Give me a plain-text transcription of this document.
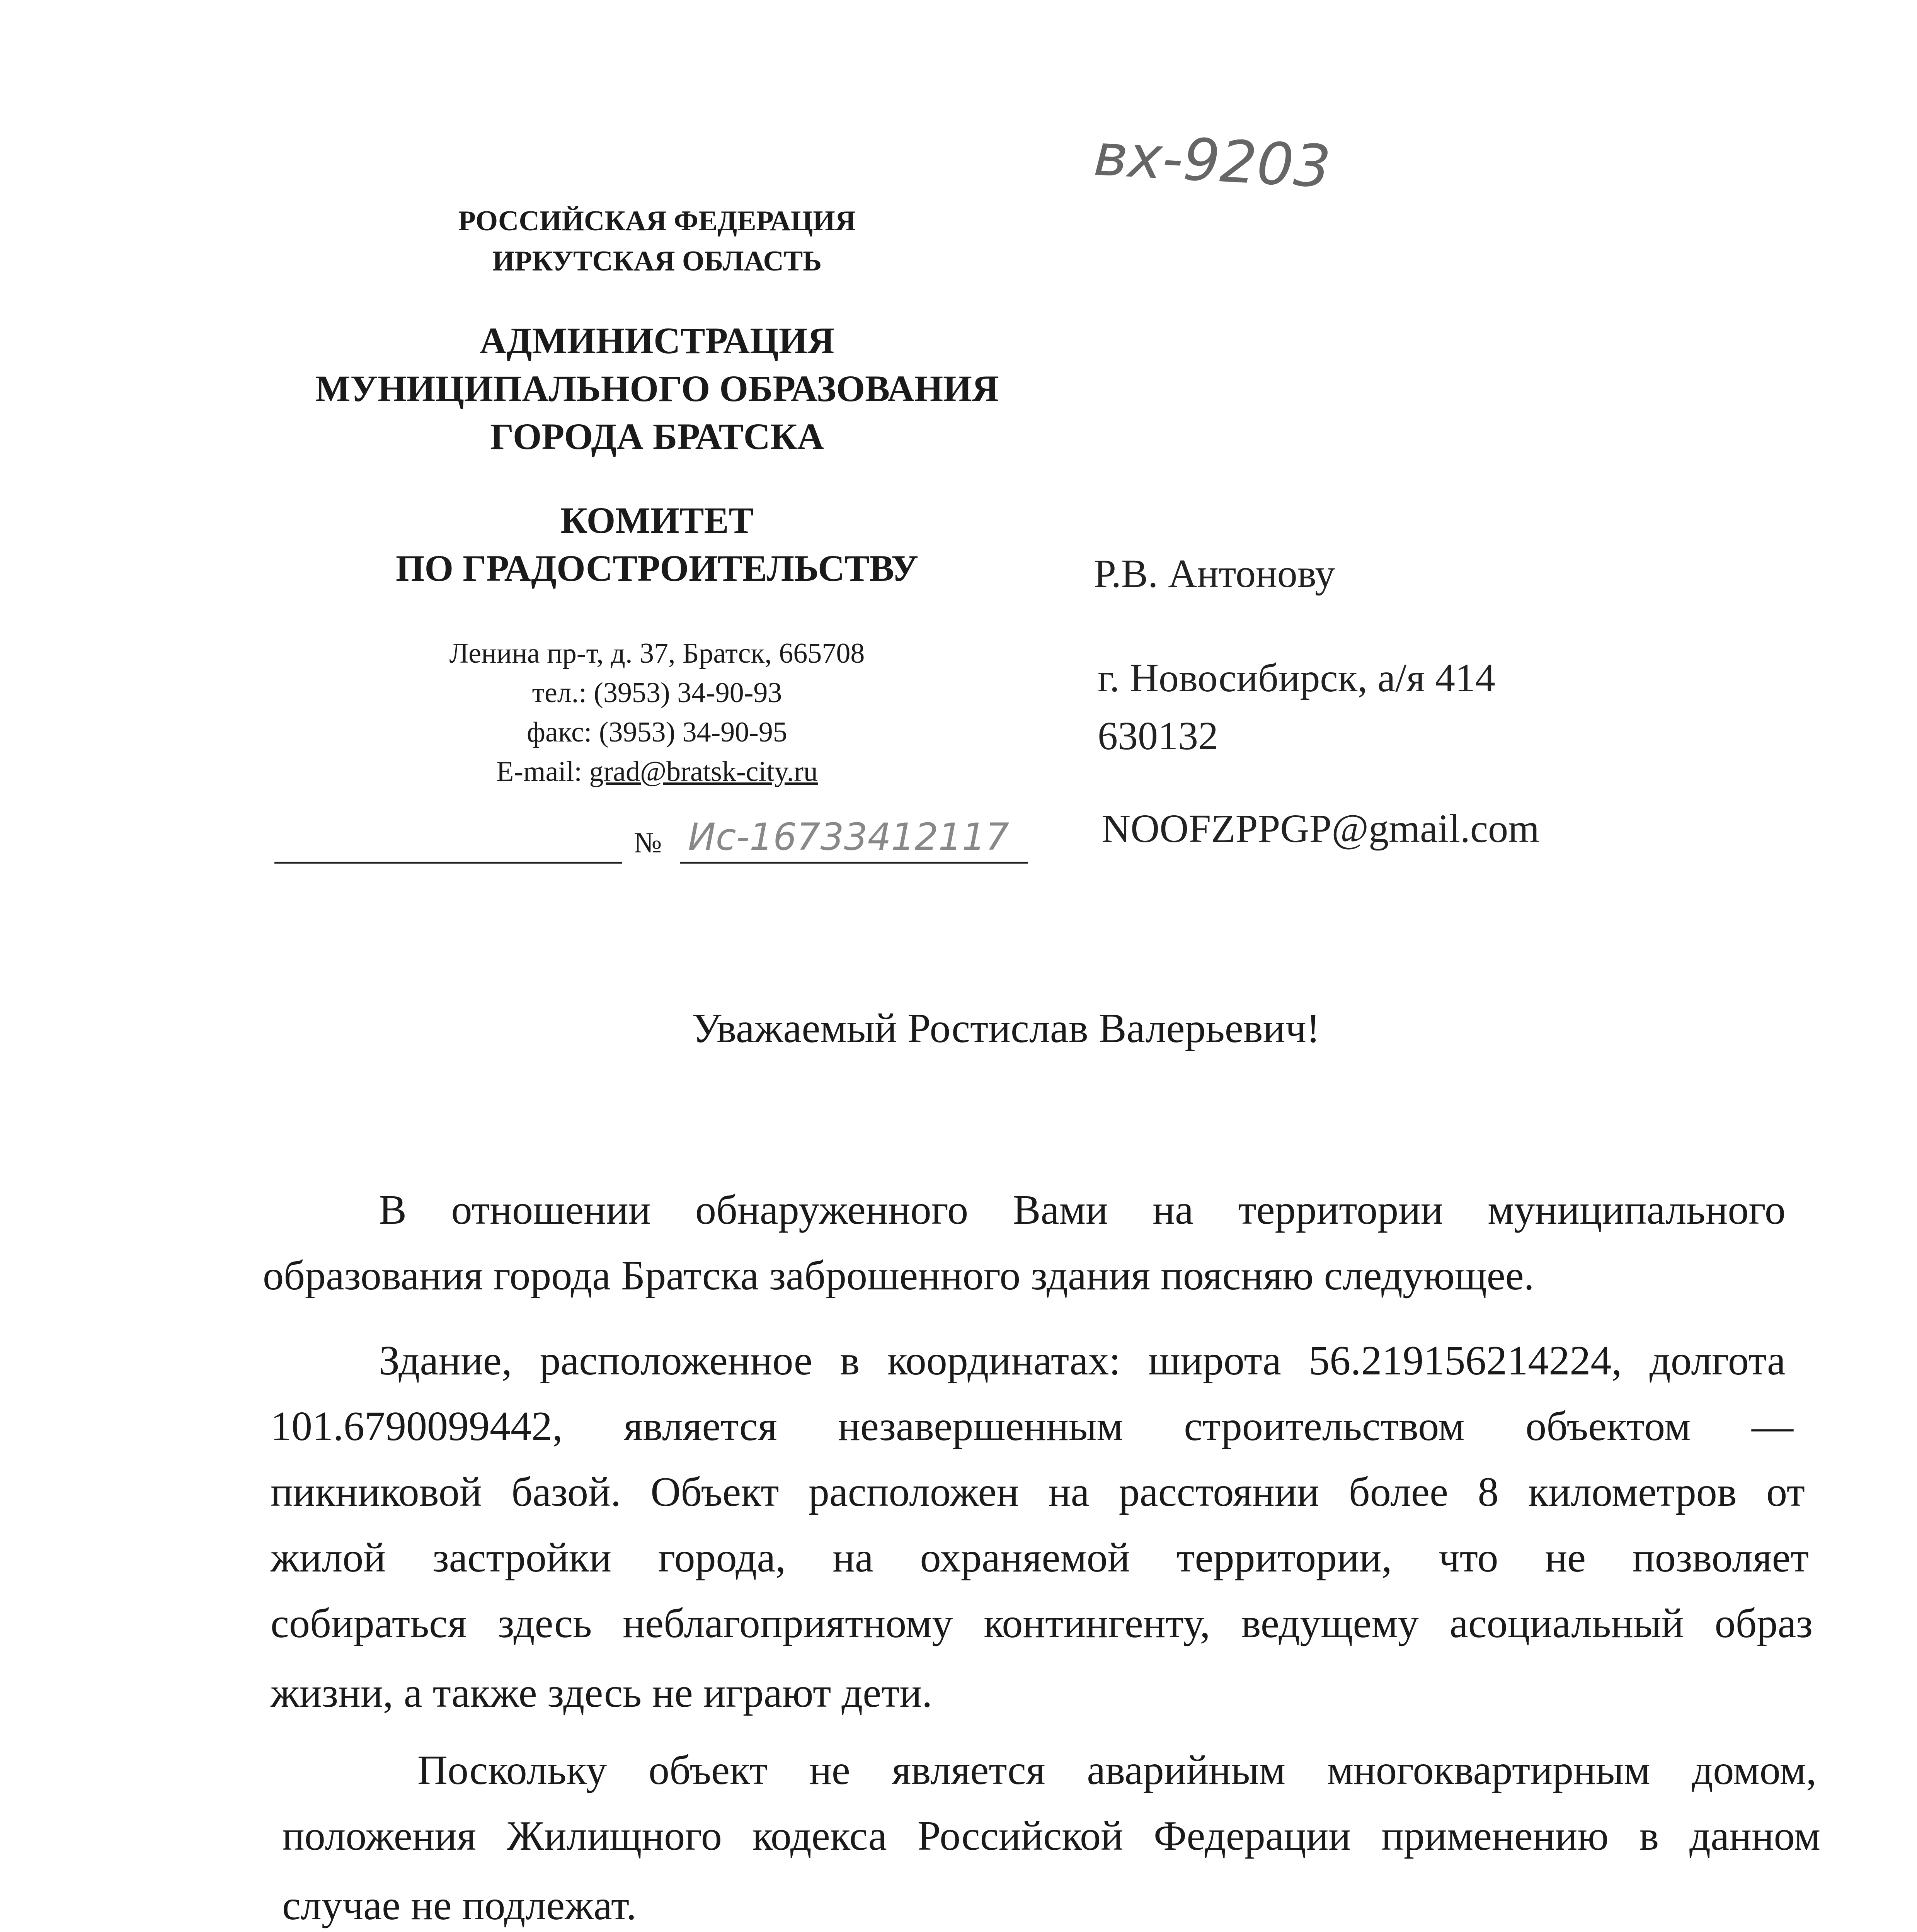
вх-9203
РОССИЙСКАЯ ФЕДЕРАЦИЯ
ИРКУТСКАЯ ОБЛАСТЬ
АДМИНИСТРАЦИЯ
МУНИЦИПАЛЬНОГО ОБРАЗОВАНИЯ
ГОРОДА БРАТСКА
КОМИТЕТ
ПО ГРАДОСТРОИТЕЛЬСТВУ
Ленина пр-т, д. 37, Братск, 665708
тел.: (3953) 34-90-93
факс: (3953) 34-90-95
E-mail: grad@bratsk-city.ru
№ Ис-16733412117
Р.В. Антонову
г. Новосибирск, а/я 414
630132
NOOFZPPGP@gmail.com
Уважаемый Ростислав Валерьевич!
В отношении обнаруженного Вами на территории муниципального
образования города Братска заброшенного здания поясняю следующее.
Здание, расположенное в координатах: широта 56.219156214224, долгота
101.6790099442, является незавершенным строительством объектом —
пикниковой базой. Объект расположен на расстоянии более 8 километров от
жилой застройки города, на охраняемой территории, что не позволяет
собираться здесь неблагоприятному контингенту, ведущему асоциальный образ
жизни, а также здесь не играют дети.
Поскольку объект не является аварийным многоквартирным домом,
положения Жилищного кодекса Российской Федерации применению в данном
случае не подлежат.
